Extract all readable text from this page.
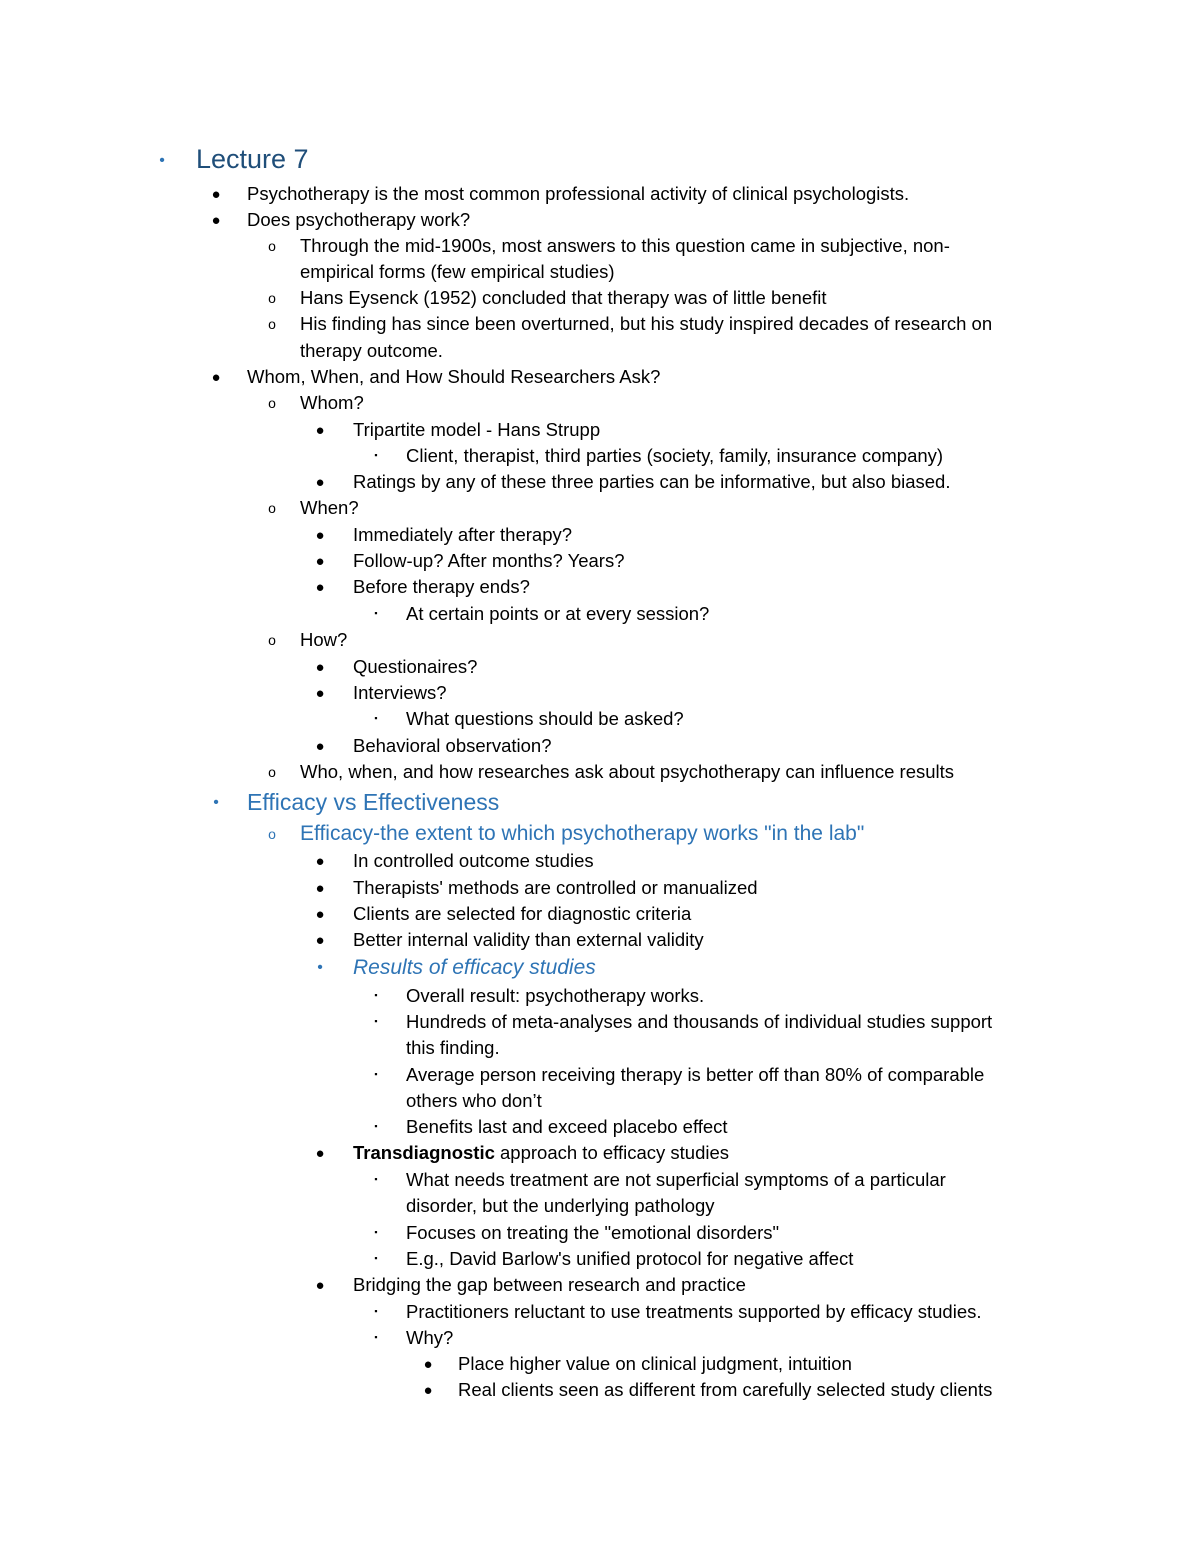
• Lecture 7
● Psychotherapy is the most common professional activity of clinical psychologists.
● Does psychotherapy work?
o Through the mid-1900s, most answers to this question came in subjective, non-
empirical forms (few empirical studies)
o Hans Eysenck (1952) concluded that therapy was of little benefit
o His finding has since been overturned, but his study inspired decades of research on
therapy outcome.
● Whom, When, and How Should Researchers Ask?
o Whom?
● Tripartite model - Hans Strupp
▪ Client, therapist, third parties (society, family, insurance company)
● Ratings by any of these three parties can be informative, but also biased.
o When?
● Immediately after therapy?
● Follow-up? After months? Years?
● Before therapy ends?
▪ At certain points or at every session?
o How?
● Questionaires?
● Interviews?
▪ What questions should be asked?
● Behavioral observation?
o Who, when, and how researches ask about psychotherapy can influence results
• Efficacy vs Effectiveness
o Efficacy-the extent to which psychotherapy works "in the lab"
● In controlled outcome studies
● Therapists' methods are controlled or manualized
● Clients are selected for diagnostic criteria
● Better internal validity than external validity
• Results of efficacy studies
▪ Overall result: psychotherapy works.
▪ Hundreds of meta-analyses and thousands of individual studies support
this finding.
▪ Average person receiving therapy is better off than 80% of comparable
others who don’t
▪ Benefits last and exceed placebo effect
● Transdiagnostic approach to efficacy studies
▪ What needs treatment are not superficial symptoms of a particular
disorder, but the underlying pathology
▪ Focuses on treating the "emotional disorders"
▪ E.g., David Barlow's unified protocol for negative affect
● Bridging the gap between research and practice
▪ Practitioners reluctant to use treatments supported by efficacy studies.
▪ Why?
● Place higher value on clinical judgment, intuition
● Real clients seen as different from carefully selected study clients
